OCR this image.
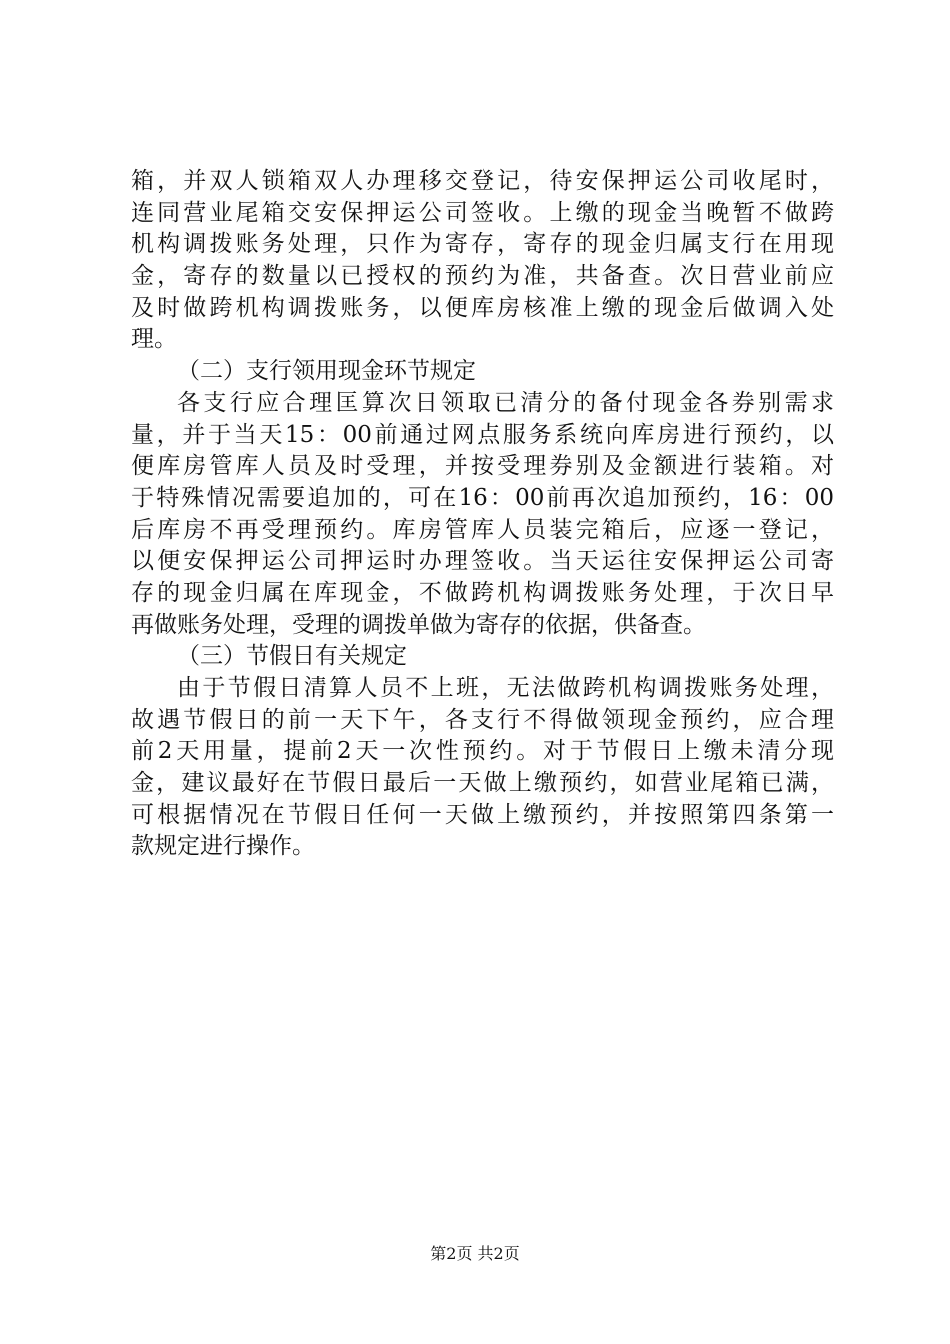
箱，并双人锁箱双人办理移交登记，待安保押运公司收尾时，
连同营业尾箱交安保押运公司签收。上缴的现金当晚暂不做跨
机构调拨账务处理，只作为寄存，寄存的现金归属支行在用现
金，寄存的数量以已授权的预约为准，共备查。次日营业前应
及时做跨机构调拨账务，以便库房核准上缴的现金后做调入处
理。
（二）支行领用现金环节规定
各支行应合理匡算次日领取已清分的备付现金各券别需求
量，并于当天15：00前通过网点服务系统向库房进行预约，以
便库房管库人员及时受理，并按受理券别及金额进行装箱。对
于特殊情况需要追加的，可在16：00前再次追加预约，16：00
后库房不再受理预约。库房管库人员装完箱后，应逐一登记，
以便安保押运公司押运时办理签收。当天运往安保押运公司寄
存的现金归属在库现金，不做跨机构调拨账务处理，于次日早
再做账务处理，受理的调拨单做为寄存的依据，供备查。
（三）节假日有关规定
由于节假日清算人员不上班，无法做跨机构调拨账务处理，
故遇节假日的前一天下午，各支行不得做领现金预约，应合理
前2天用量，提前2天一次性预约。对于节假日上缴未清分现
金，建议最好在节假日最后一天做上缴预约，如营业尾箱已满，
可根据情况在节假日任何一天做上缴预约，并按照第四条第一
款规定进行操作。
第2页 共2页
